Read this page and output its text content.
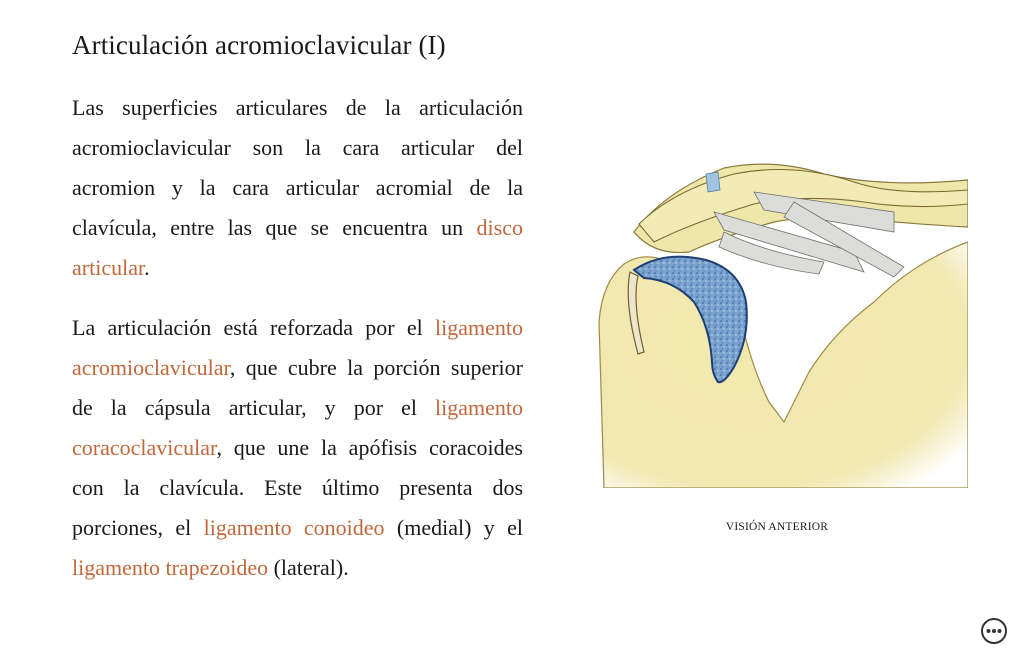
Articulación acromioclavicular (I)

Las superficies articulares de la articulación acromioclavicular son la cara articular del acromion y la cara articular acromial de la clavícula, entre las que se encuentra un disco articular.

La articulación está reforzada por el ligamento acromioclavicular, que cubre la porción superior de la cápsula articular, y por el ligamento coracoclavicular, que une la apófisis coracoides con la clavícula. Este último presenta dos porciones, el ligamento conoideo (medial) y el ligamento trapezoideo (lateral).

VISIÓN ANTERIOR
